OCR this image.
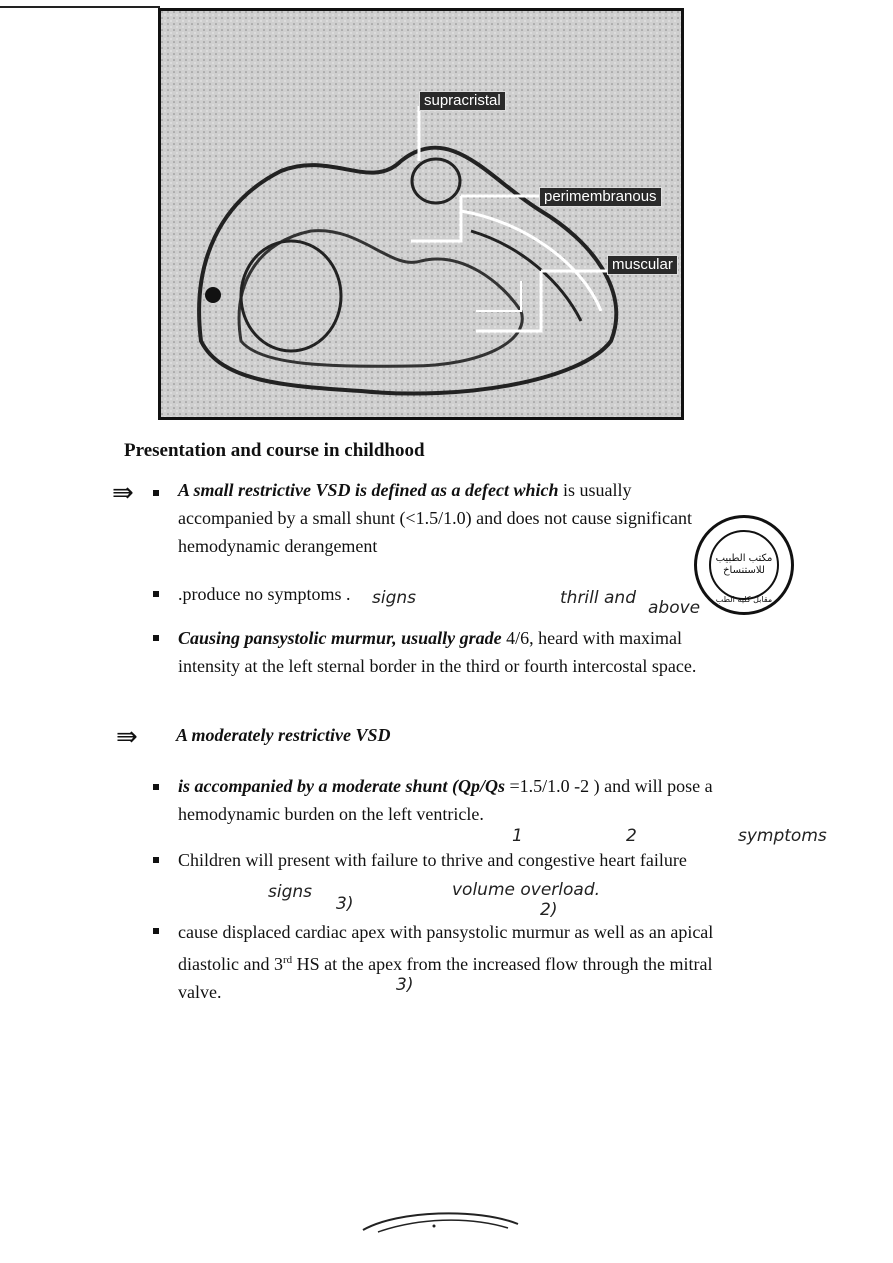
supracristal
perimembranous
muscular
Presentation and course in childhood
⇛ A small restrictive VSD is defined as a defect which is usually accompanied by a small shunt (<1.5/1.0) and does not cause significant hemodynamic derangement
مكتب الطبيب للاستنساخ
مقابل كلية الطب
.produce no symptoms .	signs	thrill and above
Causing pansystolic murmur, usually grade 4/6, heard with maximal intensity at the left sternal border in the third or fourth intercostal space.
⇛ A moderately restrictive VSD
is accompanied by a moderate shunt (Qp/Qs =1.5/1.0 -2 ) and will pose a hemodynamic burden on the left ventricle.
1	2	symptoms
Children will present with failure to thrive and congestive heart failure
signs
3)
volume overload.
2)
cause displaced cardiac apex with pansystolic murmur as well as an apical diastolic and 3rd HS at the apex from the increased flow through the mitral valve.	3)
